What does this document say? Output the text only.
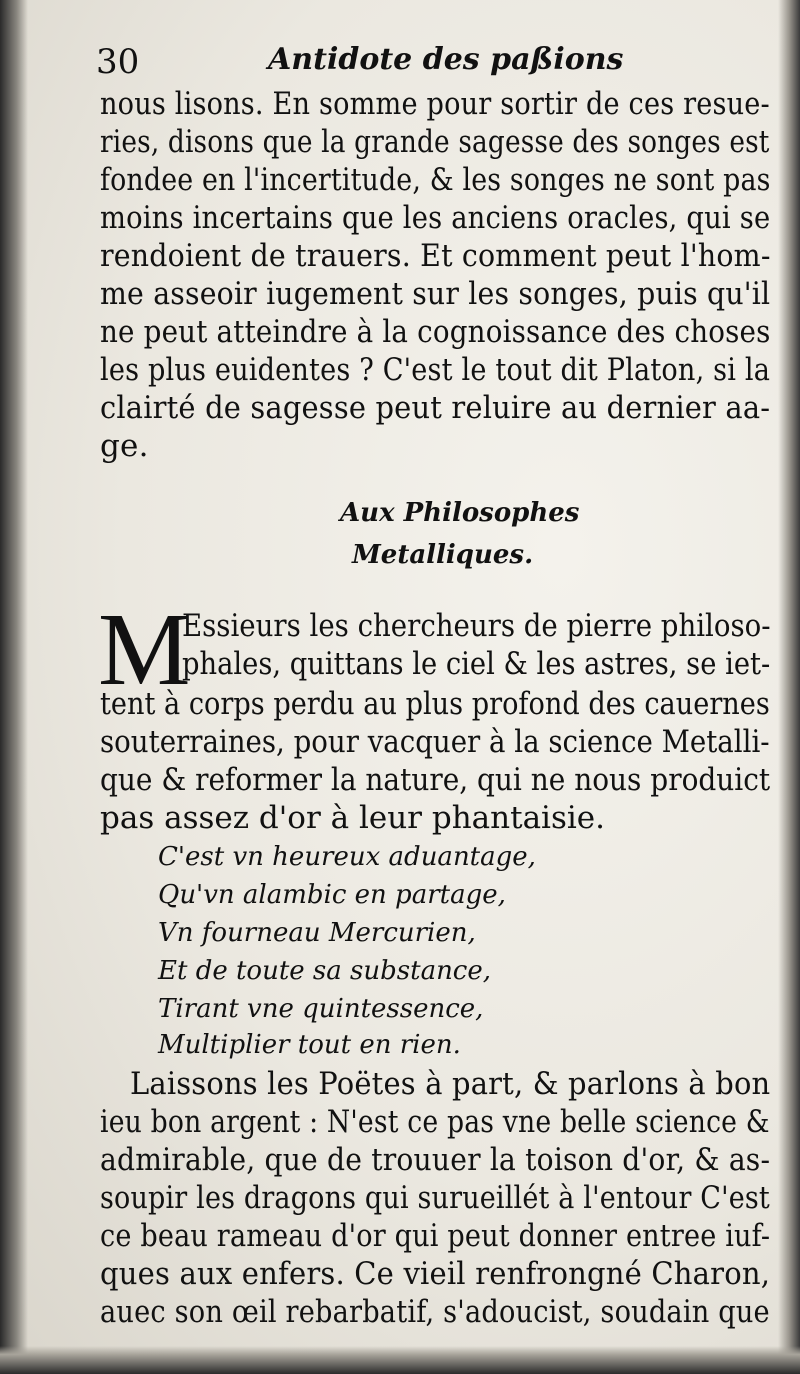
30	Antidote des paßions
nous lisons. En somme pour sortir de ces resue-
ries, disons que la grande sagesse des songes est
fondee en l'incertitude, & les songes ne sont pas
moins incertains que les anciens oracles, qui se
rendoient de trauers. Et comment peut l'hom-
me asseoir iugement sur les songes, puis qu'il
ne peut atteindre à la cognoissance des choses
les plus euidentes ? C'est le tout dit Platon, si la
clairté de sagesse peut reluire au dernier aa-
ge.
Aux Philosophes
Metalliques.
M
Essieurs les chercheurs de pierre philoso-
phales, quittans le ciel & les astres, se iet-
tent à corps perdu au plus profond des cauernes
souterraines, pour vacquer à la science Metalli-
que & reformer la nature, qui ne nous produict
pas assez d'or à leur phantaisie.
C'est vn heureux aduantage,
Qu'vn alambic en partage,
Vn fourneau Mercurien,
Et de toute sa substance,
Tirant vne quintessence,
Multiplier tout en rien.
Laissons les Poëtes à part, & parlons à bon
ieu bon argent : N'est ce pas vne belle science &
admirable, que de trouuer la toison d'or, & as-
soupir les dragons qui surueillét à l'entour C'est
ce beau rameau d'or qui peut donner entree iuf-
ques aux enfers. Ce vieil renfrongné Charon,
auec son œil rebarbatif, s'adoucist, soudain que
